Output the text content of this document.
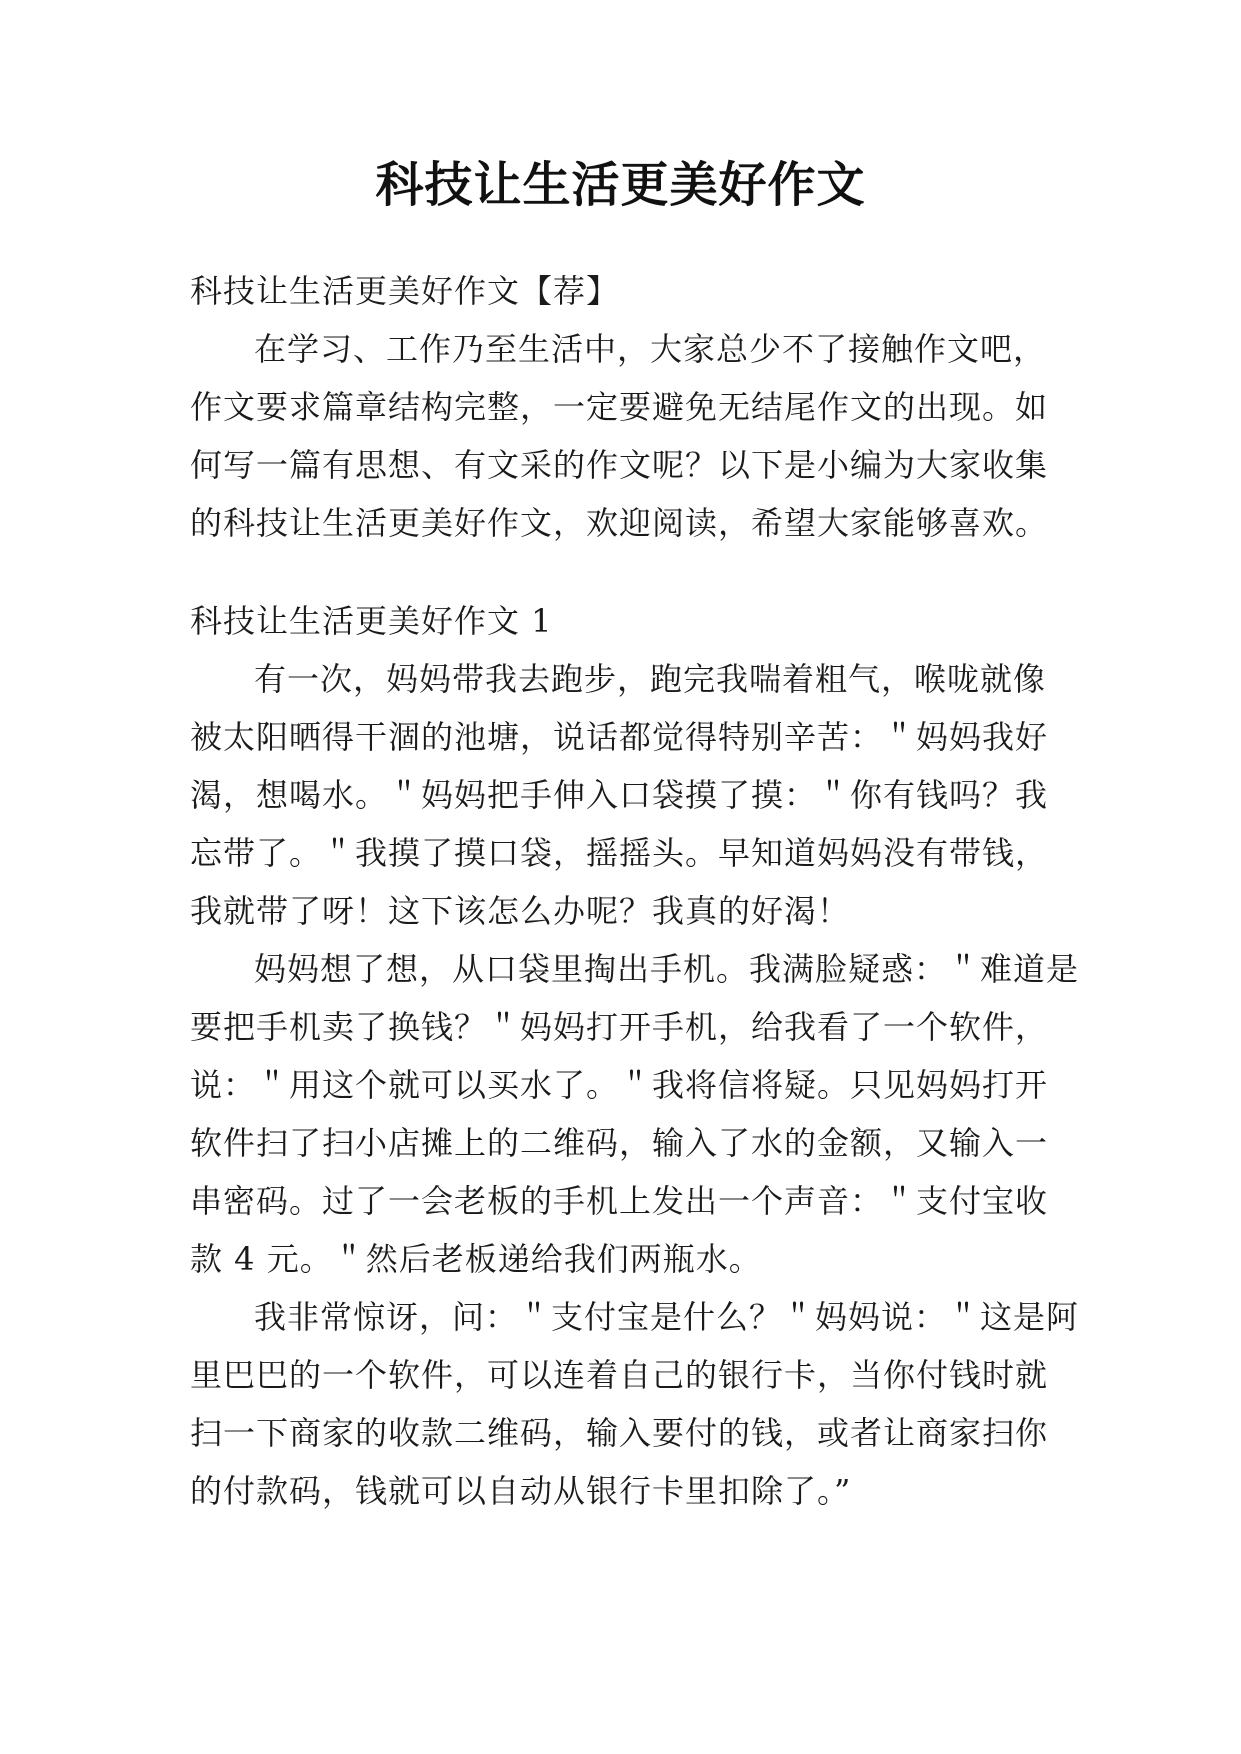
科技让生活更美好作文
科技让生活更美好作文【荐】
在学习、工作乃至生活中，大家总少不了接触作文吧，
作文要求篇章结构完整，一定要避免无结尾作文的出现。如
何写一篇有思想、有文采的作文呢？以下是小编为大家收集
的科技让生活更美好作文，欢迎阅读，希望大家能够喜欢。
科技让生活更美好作文 1
有一次，妈妈带我去跑步，跑完我喘着粗气，喉咙就像
被太阳晒得干涸的池塘，说话都觉得特别辛苦：＂妈妈我好
渴，想喝水。＂妈妈把手伸入口袋摸了摸：＂你有钱吗？我
忘带了。＂我摸了摸口袋，摇摇头。早知道妈妈没有带钱，
我就带了呀！这下该怎么办呢？我真的好渴！
妈妈想了想，从口袋里掏出手机。我满脸疑惑：＂难道是
要把手机卖了换钱？＂妈妈打开手机，给我看了一个软件，
说：＂用这个就可以买水了。＂我将信将疑。只见妈妈打开
软件扫了扫小店摊上的二维码，输入了水的金额，又输入一
串密码。过了一会老板的手机上发出一个声音：＂支付宝收
款 4 元。＂然后老板递给我们两瓶水。
我非常惊讶，问：＂支付宝是什么？＂妈妈说：＂这是阿
里巴巴的一个软件，可以连着自己的银行卡，当你付钱时就
扫一下商家的收款二维码，输入要付的钱，或者让商家扫你
的付款码，钱就可以自动从银行卡里扣除了。”
